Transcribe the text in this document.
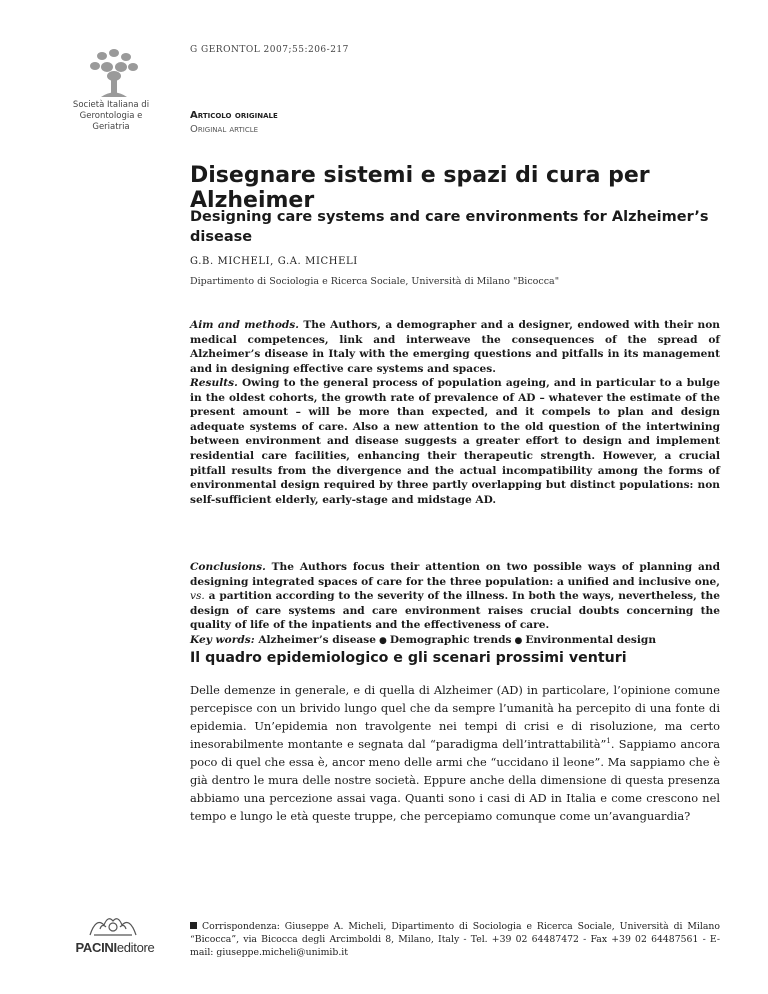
Società Italiana di
Gerontologia e
Geriatria
PACINIeditore
G GERONTOL 2007;55:206-217
Articolo originale
Original article
Disegnare sistemi e spazi di cura per Alzheimer
Designing care systems and care environments for Alzheimer’s disease
G.B. MICHELI, G.A. MICHELI
Dipartimento di Sociologia e Ricerca Sociale, Università di Milano "Bicocca"

Aim and methods. The Authors, a demographer and a designer, endowed with their non medical competences, link and interweave the consequences of the spread of Alzheimer’s disease in Italy with the emerging questions and pitfalls in its management and in designing effective care systems and spaces.

Results. Owing to the general process of population ageing, and in particular to a bulge in the oldest cohorts, the growth rate of prevalence of AD – whatever the estimate of the present amount – will be more than expected, and it compels to plan and design adequate systems of care. Also a new attention to the old question of the intertwining between environment and disease suggests a greater effort to design and implement residential care facilities, enhancing their therapeutic strength. However, a crucial pitfall results from the divergence and the actual incompatibility among the forms of environmental design required by three partly overlapping but distinct populations: non self-sufficient elderly, early-stage and midstage AD.

Conclusions. The Authors focus their attention on two possible ways of planning and designing integrated spaces of care for the three population: a unified and inclusive one, vs. a partition according to the severity of the illness. In both the ways, nevertheless, the design of care systems and care environment raises crucial doubts concerning the quality of life of the inpatients and the effectiveness of care.

Key words: Alzheimer’s disease ● Demographic trends ● Environmental design
Il quadro epidemiologico e gli scenari prossimi venturi

Delle demenze in generale, e di quella di Alzheimer (AD) in particolare, l’opinione comune percepisce con un brivido lungo quel che da sempre l’umanità ha percepito di una fonte di epidemia. Un’epidemia non travolgente nei tempi di crisi e di risoluzione, ma certo inesorabilmente montante e segnata dal “paradigma dell’intrattabilità”$^1$. Sappiamo ancora poco di quel che essa è, ancor meno delle armi che “uccidano il leone”. Ma sappiamo che è già dentro le mura delle nostre società. Eppure anche della dimensione di questa presenza abbiamo una percezione assai vaga. Quanti sono i casi di AD in Italia e come crescono nel tempo e lungo le età queste truppe, che percepiamo comunque come un’avanguardia?

Corrispondenza: Giuseppe A. Micheli, Dipartimento di Sociologia e Ricerca Sociale, Università di Milano “Bicocca”, via Bicocca degli Arcimboldi 8, Milano, Italy - Tel. +39 02 64487472 - Fax +39 02 64487561 - E-mail: giuseppe.micheli@unimib.it
